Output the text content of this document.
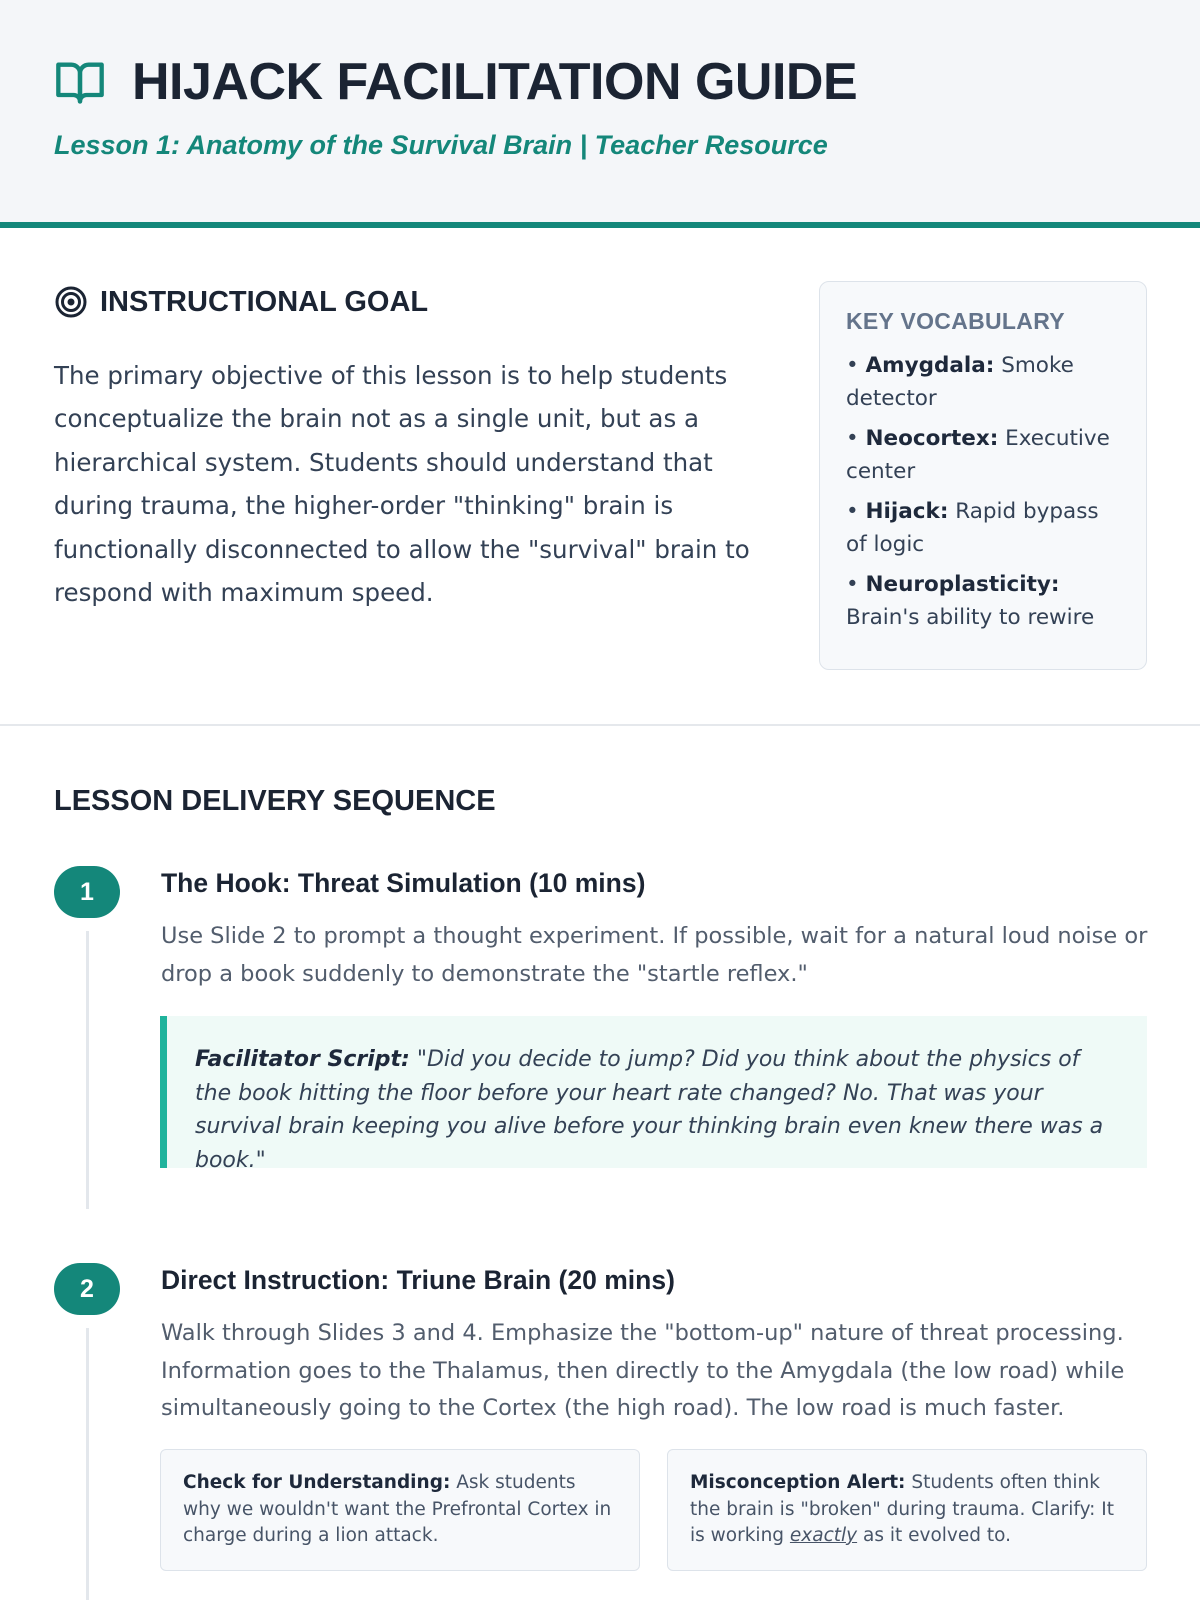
HIJACK FACILITATION GUIDE
Lesson 1: Anatomy of the Survival Brain | Teacher Resource
INSTRUCTIONAL GOAL

The primary objective of this lesson is to help students conceptualize the brain not as a single unit, but as a hierarchical system. Students should understand that during trauma, the higher-order "thinking" brain is functionally disconnected to allow the "survival" brain to respond with maximum speed.

KEY VOCABULARY
• Amygdala: Smoke detector
• Neocortex: Executive center
• Hijack: Rapid bypass of logic
• Neuroplasticity: Brain's ability to rewire
LESSON DELIVERY SEQUENCE
1	The Hook: Threat Simulation (10 mins)

Use Slide 2 to prompt a thought experiment. If possible, wait for a natural loud noise or drop a book suddenly to demonstrate the "startle reflex."

Facilitator Script: "Did you decide to jump? Did you think about the physics of the book hitting the floor before your heart rate changed? No. That was your survival brain keeping you alive before your thinking brain even knew there was a book."
2	Direct Instruction: Triune Brain (20 mins)

Walk through Slides 3 and 4. Emphasize the "bottom-up" nature of threat processing. Information goes to the Thalamus, then directly to the Amygdala (the low road) while simultaneously going to the Cortex (the high road). The low road is much faster.

Check for Understanding: Ask students why we wouldn't want the Prefrontal Cortex in charge during a lion attack.
Misconception Alert: Students often think the brain is "broken" during trauma. Clarify: It is working exactly as it evolved to.
